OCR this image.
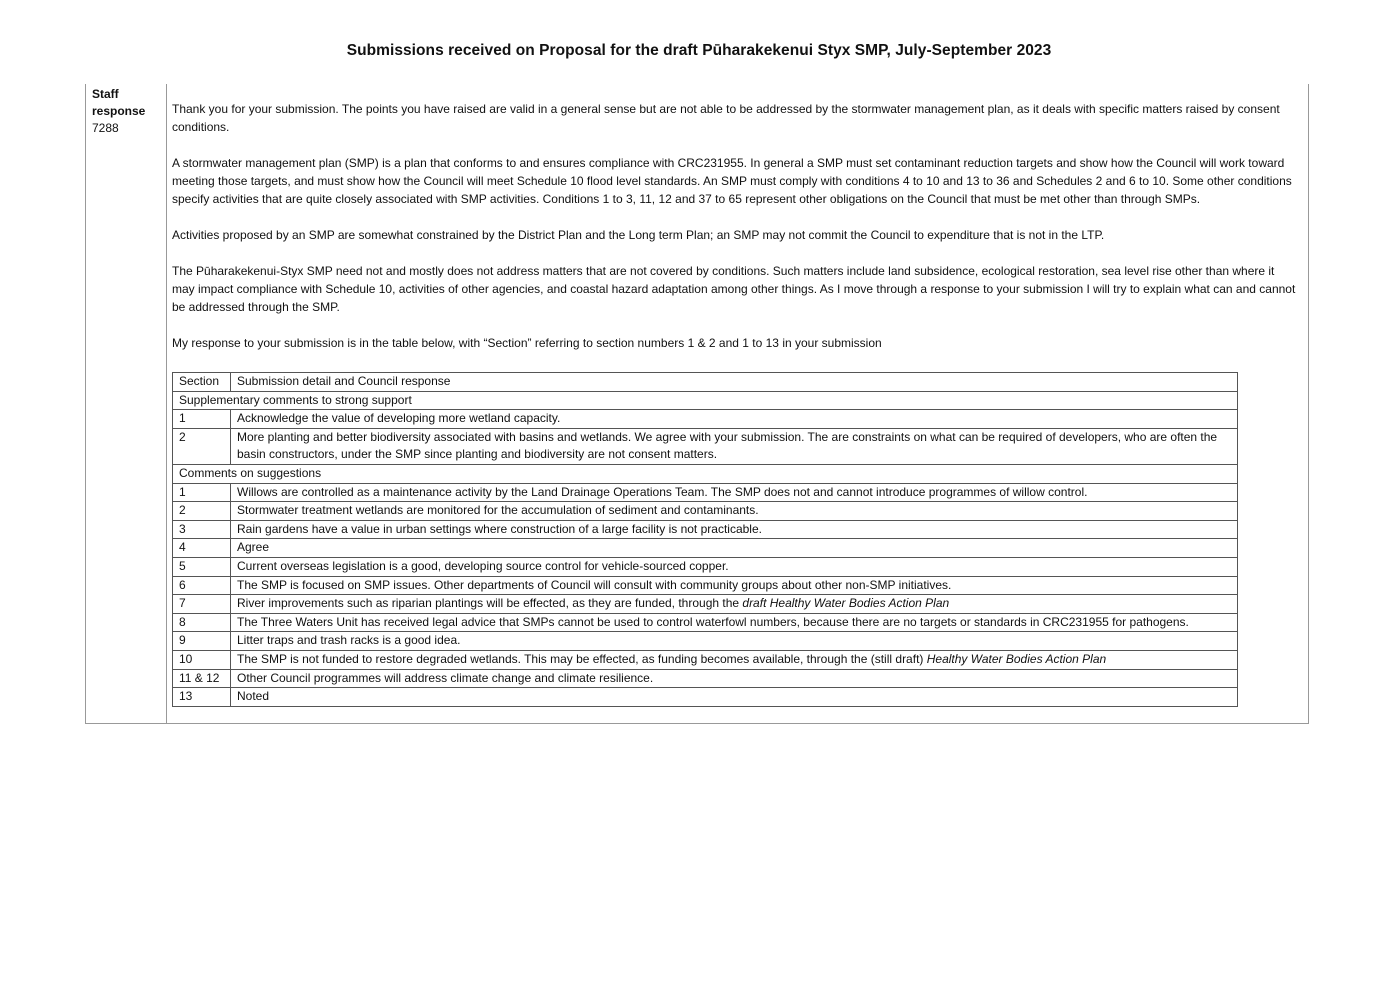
Submissions received on Proposal for the draft Pūharakekenui Styx SMP, July-September 2023
Staff
response
7288

Thank you for your submission. The points you have raised are valid in a general sense but are not able to be addressed by the stormwater management plan, as it deals with specific matters raised by consent conditions.

A stormwater management plan (SMP) is a plan that conforms to and ensures compliance with CRC231955. In general a SMP must set contaminant reduction targets and show how the Council will work toward meeting those targets, and must show how the Council will meet Schedule 10 flood level standards. An SMP must comply with conditions 4 to 10 and 13 to 36 and Schedules 2 and 6 to 10. Some other conditions specify activities that are quite closely associated with SMP activities. Conditions 1 to 3, 11, 12 and 37 to 65 represent other obligations on the Council that must be met other than through SMPs.

Activities proposed by an SMP are somewhat constrained by the District Plan and the Long term Plan; an SMP may not commit the Council to expenditure that is not in the LTP.

The Pūharakekenui-Styx SMP need not and mostly does not address matters that are not covered by conditions. Such matters include land subsidence, ecological restoration, sea level rise other than where it may impact compliance with Schedule 10, activities of other agencies, and coastal hazard adaptation among other things. As I move through a response to your submission I will try to explain what can and cannot be addressed through the SMP.

My response to your submission is in the table below, with “Section” referring to section numbers 1 & 2 and 1 to 13 in your submission

Section	Submission detail and Council response
Supplementary comments to strong support	
1	Acknowledge the value of developing more wetland capacity.
2	More planting and better biodiversity associated with basins and wetlands. We agree with your submission. The are constraints on what can be required of developers, who are often the basin constructors, under the SMP since planting and biodiversity are not consent matters.
Comments on suggestions	
1	Willows are controlled as a maintenance activity by the Land Drainage Operations Team. The SMP does not and cannot introduce programmes of willow control.
2	Stormwater treatment wetlands are monitored for the accumulation of sediment and contaminants.
3	Rain gardens have a value in urban settings where construction of a large facility is not practicable.
4	Agree
5	Current overseas legislation is a good, developing source control for vehicle-sourced copper.
6	The SMP is focused on SMP issues. Other departments of Council will consult with community groups about other non-SMP initiatives.
7	River improvements such as riparian plantings will be effected, as they are funded, through the draft Healthy Water Bodies Action Plan
8	The Three Waters Unit has received legal advice that SMPs cannot be used to control waterfowl numbers, because there are no targets or standards in CRC231955 for pathogens.
9	Litter traps and trash racks is a good idea.
10	The SMP is not funded to restore degraded wetlands. This may be effected, as funding becomes available, through the (still draft) Healthy Water Bodies Action Plan
11 & 12	Other Council programmes will address climate change and climate resilience.
13	Noted
